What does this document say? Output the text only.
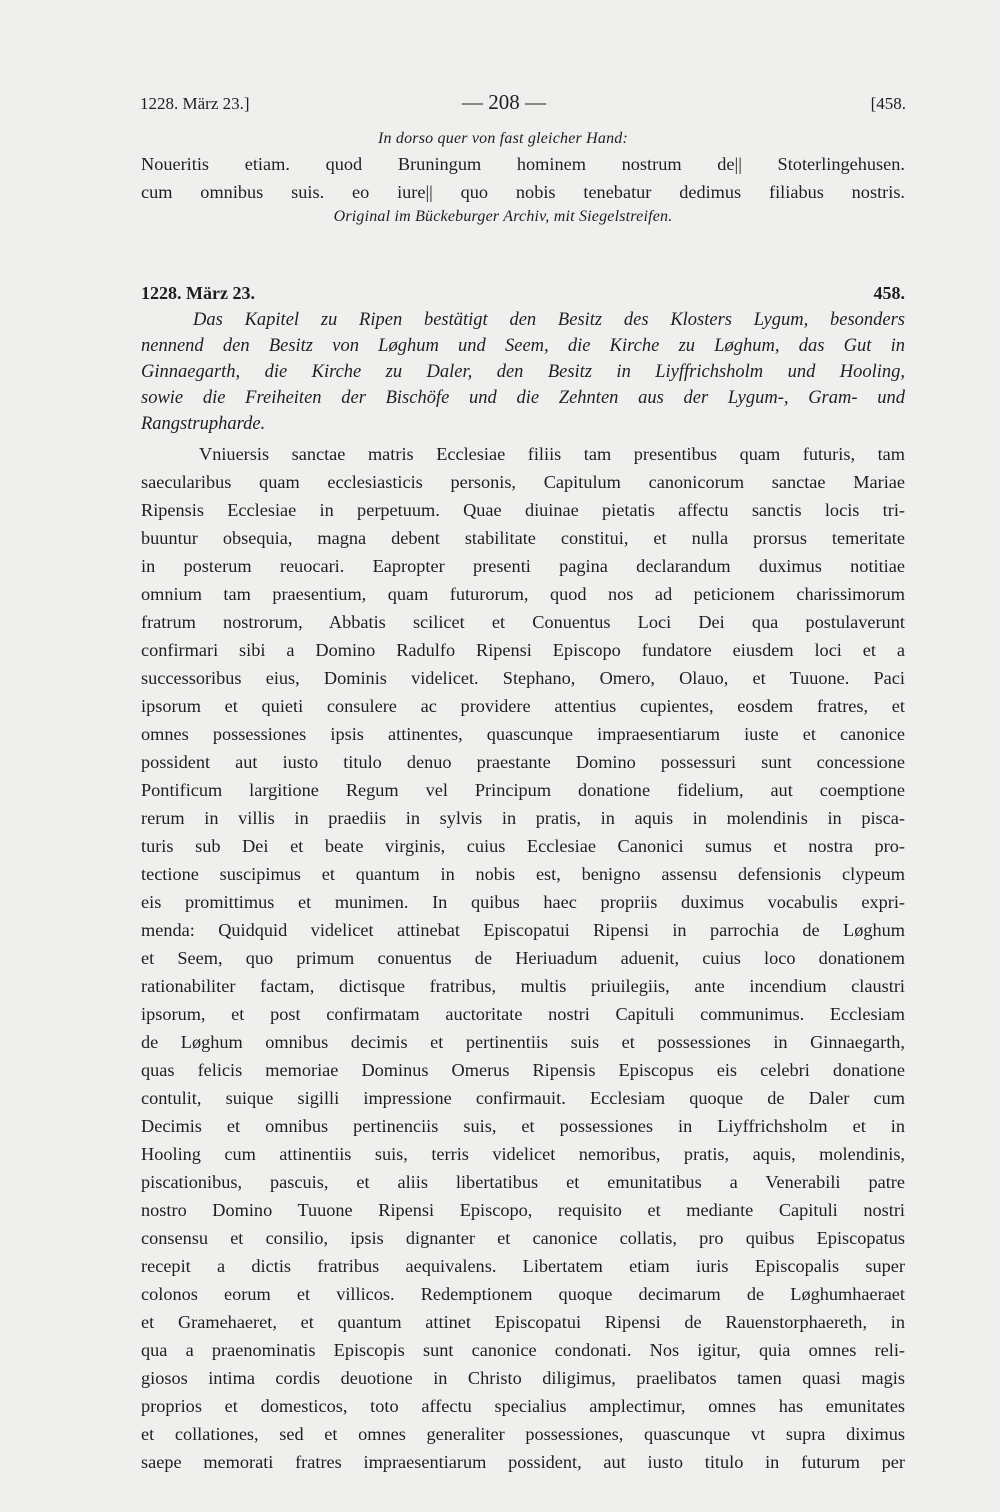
1228. März 23.]	— 208 —	[458.
In dorso quer von fast gleicher Hand:
Noueritis etiam. quod Bruningum hominem nostrum de|| Stoterlingehusen.
cum omnibus suis. eo iure|| quo nobis tenebatur dedimus filiabus nostris.
Original im Bückeburger Archiv, mit Siegelstreifen.
1228. März 23.	458.
Das Kapitel zu Ripen bestätigt den Besitz des Klosters Lygum, besonders
nennend den Besitz von Løghum und Seem, die Kirche zu Løghum, das Gut in
Ginnaegarth, die Kirche zu Daler, den Besitz in Liyffrichsholm und Hooling,
sowie die Freiheiten der Bischöfe und die Zehnten aus der Lygum-, Gram- und
Rangstrupharde.
Vniuersis sanctae matris Ecclesiae filiis tam presentibus quam futuris, tam
saecularibus quam ecclesiasticis personis, Capitulum canonicorum sanctae Mariae
Ripensis Ecclesiae in perpetuum. Quae diuinae pietatis affectu sanctis locis tri-
buuntur obsequia, magna debent stabilitate constitui, et nulla prorsus temeritate
in posterum reuocari. Eapropter presenti pagina declarandum duximus notitiae
omnium tam praesentium, quam futurorum, quod nos ad peticionem charissimorum
fratrum nostrorum, Abbatis scilicet et Conuentus Loci Dei qua postulaverunt
confirmari sibi a Domino Radulfo Ripensi Episcopo fundatore eiusdem loci et a
successoribus eius, Dominis videlicet. Stephano, Omero, Olauo, et Tuuone. Paci
ipsorum et quieti consulere ac providere attentius cupientes, eosdem fratres, et
omnes possessiones ipsis attinentes, quascunque impraesentiarum iuste et canonice
possident aut iusto titulo denuo praestante Domino possessuri sunt concessione
Pontificum largitione Regum vel Principum donatione fidelium, aut coemptione
rerum in villis in praediis in sylvis in pratis, in aquis in molendinis in pisca-
turis sub Dei et beate virginis, cuius Ecclesiae Canonici sumus et nostra pro-
tectione suscipimus et quantum in nobis est, benigno assensu defensionis clypeum
eis promittimus et munimen. In quibus haec propriis duximus vocabulis expri-
menda: Quidquid videlicet attinebat Episcopatui Ripensi in parrochia de Løghum
et Seem, quo primum conuentus de Heriuadum aduenit, cuius loco donationem
rationabiliter factam, dictisque fratribus, multis priuilegiis, ante incendium claustri
ipsorum, et post confirmatam auctoritate nostri Capituli communimus. Ecclesiam
de Løghum omnibus decimis et pertinentiis suis et possessiones in Ginnaegarth,
quas felicis memoriae Dominus Omerus Ripensis Episcopus eis celebri donatione
contulit, suique sigilli impressione confirmauit. Ecclesiam quoque de Daler cum
Decimis et omnibus pertinenciis suis, et possessiones in Liyffrichsholm et in
Hooling cum attinentiis suis, terris videlicet nemoribus, pratis, aquis, molendinis,
piscationibus, pascuis, et aliis libertatibus et emunitatibus a Venerabili patre
nostro Domino Tuuone Ripensi Episcopo, requisito et mediante Capituli nostri
consensu et consilio, ipsis dignanter et canonice collatis, pro quibus Episcopatus
recepit a dictis fratribus aequivalens. Libertatem etiam iuris Episcopalis super
colonos eorum et villicos. Redemptionem quoque decimarum de Løghumhaeraet
et Gramehaeret, et quantum attinet Episcopatui Ripensi de Rauenstorphaereth, in
qua a praenominatis Episcopis sunt canonice condonati. Nos igitur, quia omnes reli-
giosos intima cordis deuotione in Christo diligimus, praelibatos tamen quasi magis
proprios et domesticos, toto affectu specialius amplectimur, omnes has emunitates
et collationes, sed et omnes generaliter possessiones, quascunque vt supra diximus
saepe memorati fratres impraesentiarum possident, aut iusto titulo in futurum per
